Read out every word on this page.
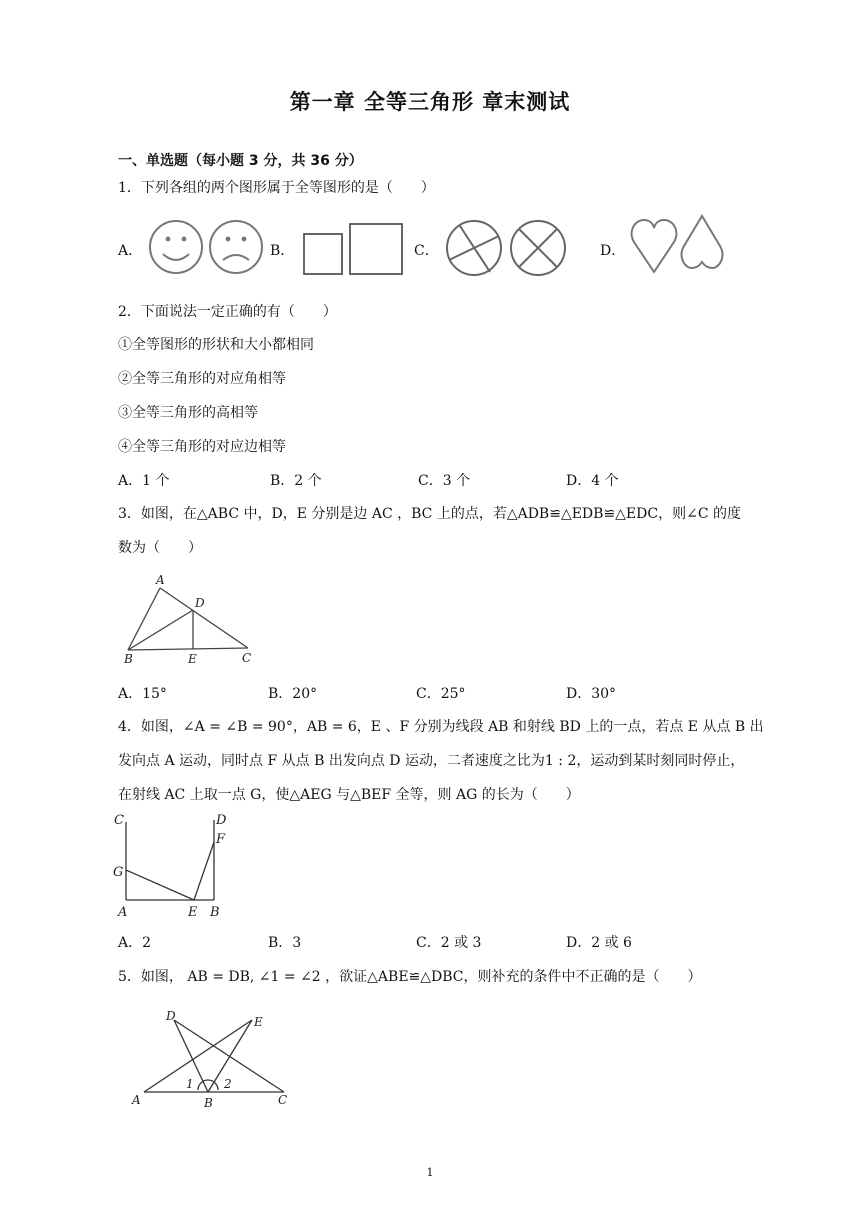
第一章 全等三角形 章末测试
一、单选题（每小题 3 分，共 36 分）
1．下列各组的两个图形属于全等图形的是（　　）
A．	B．	C．	D．
2．下面说法一定正确的有（　　）
①全等图形的形状和大小都相同
②全等三角形的对应角相等
③全等三角形的高相等
④全等三角形的对应边相等
A．1 个	B．2 个	C．3 个	D．4 个
3．如图，在△ABC 中，D，E 分别是边 AC ，BC 上的点，若△ADB≌△EDB≌△EDC，则∠C 的度
数为（　　）
A
D
B	E	C
A．15°	B．20°	C．25°	D．30°
4．如图，∠A = ∠B = 90°，AB = 6，E 、F 分别为线段 AB 和射线 BD 上的一点，若点 E 从点 B 出
发向点 A 运动，同时点 F 从点 B 出发向点 D 运动，二者速度之比为1 : 2，运动到某时刻同时停止，
在射线 AC 上取一点 G，使△AEG 与△BEF 全等，则 AG 的长为（　　）
C	D
F
G
A	E B
A．2	B．3	C．2 或 3	D．2 或 6
5．如图， AB = DB, ∠1 = ∠2 ，欲证△ABE≌△DBC，则补充的条件中不正确的是（　　）
D	E
1	2
A	B	C
1
